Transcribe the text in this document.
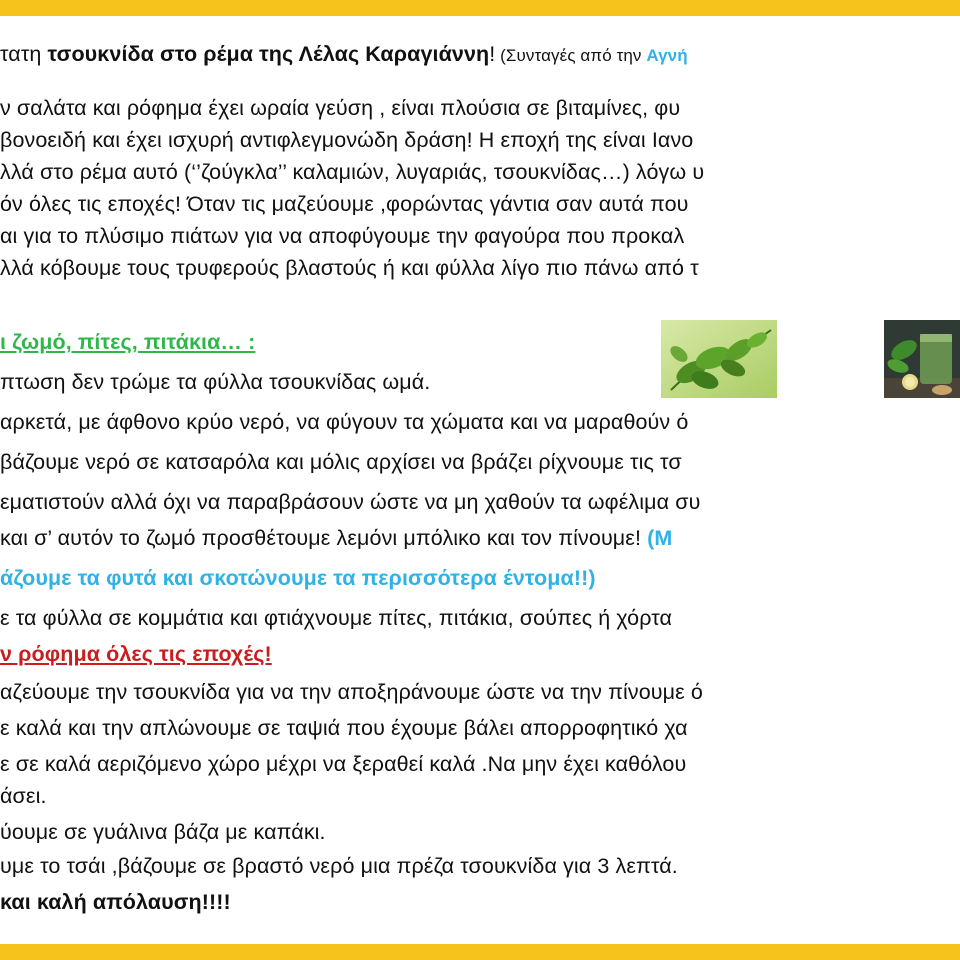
τατη τσουκνίδα στο ρέμα της Λέλας Καραγιάννη! (Συνταγές από την Αγνή
ν σαλάτα και ρόφημα έχει ωραία γεύση , είναι πλούσια σε βιταμίνες, φυ
βονοειδή και έχει ισχυρή αντιφλεγμονώδη δράση! Η εποχή της είναι Ιανο
λλά στο ρέμα αυτό (‘’ζούγκλα’’ καλαμιών, λυγαριάς, τσουκνίδας…) λόγω υ
όν όλες τις εποχές! Όταν τις μαζεύουμε ,φορώντας γάντια σαν αυτά που
αι για το πλύσιμο πιάτων για να αποφύγουμε την φαγούρα που προκαλ
λλά κόβουμε τους τρυφερούς βλαστούς ή και φύλλα λίγο πιο πάνω από τ
ι ζωμό, πίτες, πιτάκια… :
πτωση δεν τρώμε τα φύλλα τσουκνίδας ωμά.
αρκετά, με άφθονο κρύο νερό, να φύγουν τα χώματα και να μαραθούν ό
βάζουμε νερό σε κατσαρόλα και μόλις αρχίσει να βράζει ρίχνουμε τις τσ
εματιστούν αλλά όχι να παραβράσουν ώστε να μη χαθούν τα ωφέλιμα συ
και σ’ αυτόν το ζωμό προσθέτουμε λεμόνι μπόλικο και τον πίνουμε! (Μ
άζουμε τα φυτά και σκοτώνουμε τα περισσότερα έντομα!!)
ε τα φύλλα σε κομμάτια και φτιάχνουμε πίτες, πιτάκια, σούπες ή χόρτα
ν ρόφημα όλες τις εποχές!
αζεύουμε την τσουκνίδα για να την αποξηράνουμε ώστε να την πίνουμε ό
ε καλά και την απλώνουμε σε ταψιά που έχουμε βάλει απορροφητικό χα
ε σε καλά αεριζόμενο χώρο μέχρι να ξεραθεί καλά .Να μην έχει καθόλου
άσει.
ύουμε σε γυάλινα βάζα με καπάκι.
υμε το τσάι ,βάζουμε σε βραστό νερό μια πρέζα τσουκνίδα για 3 λεπτά.
και καλή απόλαυση!!!!
